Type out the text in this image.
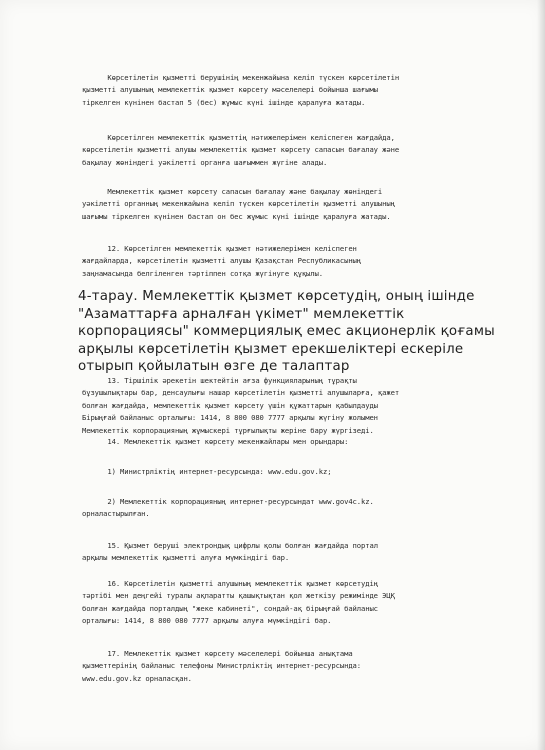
Көрсетілетін қызметті берушінің мекенжайына келіп түскен көрсетілетін
қызметті алушының мемлекеттік қызмет көрсету мәселелері бойынша шағымы
тіркелген күнінен бастап 5 (бес) жұмыс күні ішінде қаралуға жатады.
Көрсетілген мемлекеттік қызметтің нәтижелерімен келіспеген жағдайда,
көрсетілетін қызметті алушы мемлекеттік қызмет көрсету сапасын бағалау және
бақылау жөніндегі уәкілетті органға шағыммен жүгіне алады.
Мемлекеттік қызмет көрсету сапасын бағалау және бақылау жөніндегі
уәкілетті органның мекенжайына келіп түскен көрсетілетін қызметті алушының
шағымы тіркелген күнінен бастап он бес жұмыс күні ішінде қаралуға жатады.
12. Көрсетілген мемлекеттік қызмет нәтижелерімен келіспеген
жағдайларда, көрсетілетін қызметті алушы Қазақстан Республикасының
заңнамасында белгіленген тәртіппен сотқа жүгінуге құқылы.
4-тарау. Мемлекеттік қызмет көрсетудің, оның ішінде "Азаматтарға арналған үкімет" мемлекеттік корпорациясы" коммерциялық емес акционерлік қоғамы арқылы көрсетілетін қызмет ерекшеліктері ескеріле отырып қойылатын өзге де талаптар
13. Тіршілік әрекетін шектейтін ағза функцияларының тұрақты
бұзушылықтары бар, денсаулығы нашар көрсетілетін қызметті алушыларға, қажет
болған жағдайда, мемлекеттік қызмет көрсету үшін құжаттарын қабылдауды
Бірыңғай байланыс орталығы: 1414, 8 800 080 7777 арқылы жүгіну жолымен
Мемлекеттік корпорацияның жұмыскері тұрғылықты жеріне бару жүргізеді.
14. Мемлекеттік қызмет көрсету мекенжайлары мен орындары:
1) Министрліктің интернет-ресурсында: www.edu.gov.kz;
2) Мемлекеттік корпорацияның интернет-ресурсындат www.gov4c.kz.
орналастырылған.
15. Қызмет беруші электрондық цифрлы қолы болған жағдайда портал
арқылы мемлекеттік қызметті алуға мүмкіндігі бар.
16. Көрсетілетін қызметті алушының мемлекеттік қызмет көрсетудің
тәртібі мен деңгейі туралы ақпаратты қашықтықтан қол жеткізу режимінде ЭЦҚ
болған жағдайда порталдың "жеке кабинеті", сондай-ақ бірыңғай байланыс
орталығы: 1414, 8 800 080 7777 арқылы алуға мүмкіндігі бар.
17. Мемлекеттік қызмет көрсету мәселелері бойынша анықтама
қызметтерінің байланыс телефоны Министрліктің интернет-ресурсында:
www.edu.gov.kz орналасқан.
